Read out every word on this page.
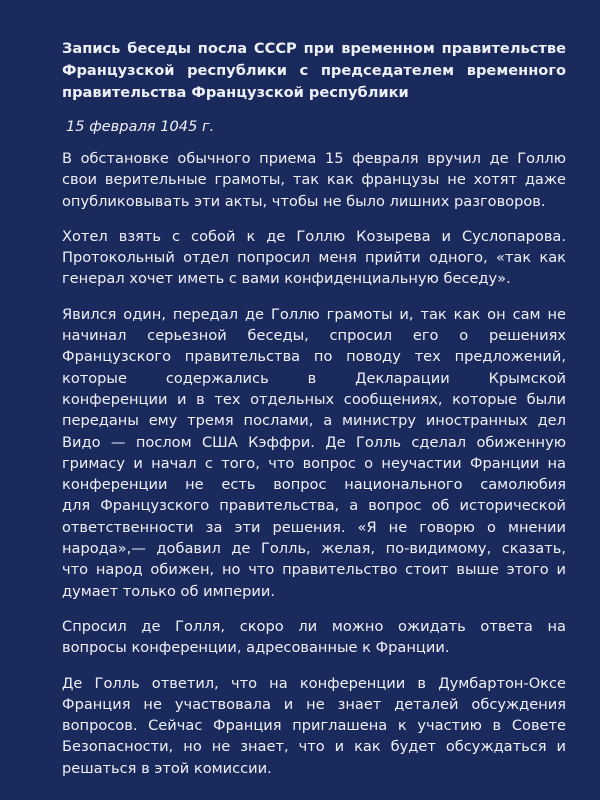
Запись беседы посла СССР при временном правительстве
Французской республики с председателем временного
правительства Французской республики
15 февраля 1045 г.

В обстановке обычного приема 15 февраля вручил де Голлю
свои верительные грамоты, так как французы не хотят даже
опубликовывать эти акты, чтобы не было лишних разговоров.

Хотел взять с собой к де Голлю Козырева и Суслопарова.
Протокольный отдел попросил меня прийти одного, «так как
генерал хочет иметь с вами конфиденциальную беседу».

Явился один, передал де Голлю грамоты и, так как он сам не
начинал серьезной беседы, спросил его о решениях
Французского правительства по поводу тех предложений,
которые содержались в Декларации Крымской
конференции и в тех отдельных сообщениях, которые были
переданы ему тремя послами, а министру иностранных дел
Видо — послом США Кэффри. Де Голль сделал обиженную
гримасу и начал с того, что вопрос о неучастии Франции на
конференции не есть вопрос национального самолюбия
для Французского правительства, а вопрос об исторической
ответственности за эти решения. «Я не говорю о мнении
народа»,— добавил де Голль, желая, по-видимому, сказать,
что народ обижен, но что правительство стоит выше этого и
думает только об империи.

Спросил де Голля, скоро ли можно ожидать ответа на
вопросы конференции, адресованные к Франции.

Де Голль ответил, что на конференции в Думбартон-Оксе
Франция не участвовала и не знает деталей обсуждения
вопросов. Сейчас Франция приглашена к участию в Совете
Безопасности, но не знает, что и как будет обсуждаться и
решаться в этой комиссии.
